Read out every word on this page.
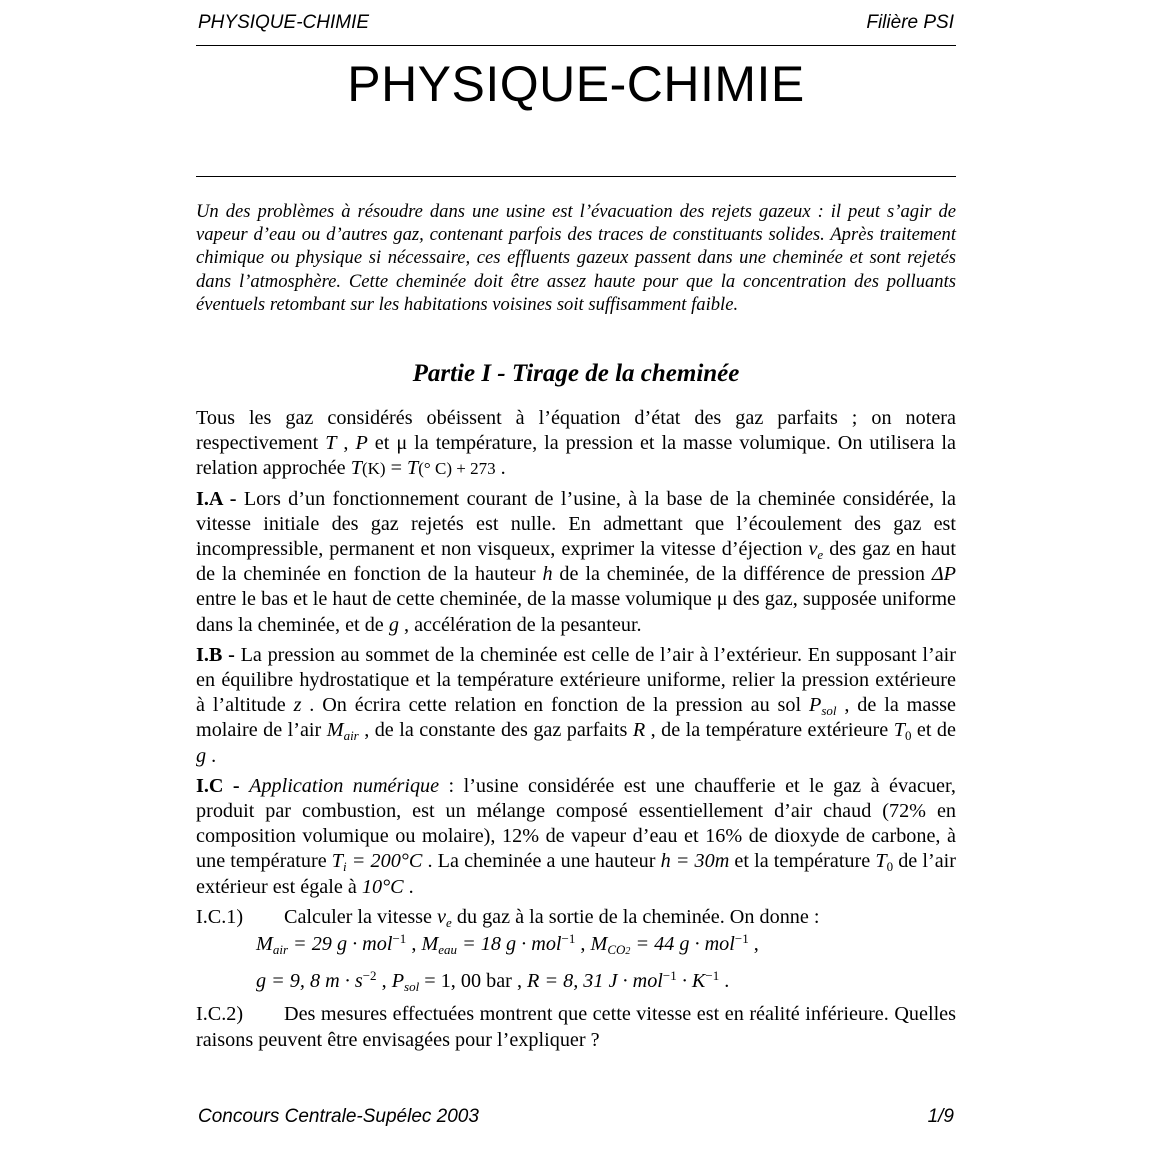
PHYSIQUE-CHIMIE	Filière PSI
PHYSIQUE-CHIMIE
Un des problèmes à résoudre dans une usine est l’évacuation des rejets gazeux : il peut s’agir de vapeur d’eau ou d’autres gaz, contenant parfois des traces de constituants solides. Après traitement chimique ou physique si nécessaire, ces effluents gazeux passent dans une cheminée et sont rejetés dans l’atmosphère. Cette cheminée doit être assez haute pour que la concentration des polluants éventuels retombant sur les habitations voisines soit suffisamment faible.
Partie I - Tirage de la cheminée

Tous les gaz considérés obéissent à l’équation d’état des gaz parfaits ; on notera respectivement T , P et μ la température, la pression et la masse volumique. On utilisera la relation approchée T(K) = T(° C) + 273 .

I.A - Lors d’un fonctionnement courant de l’usine, à la base de la cheminée considérée, la vitesse initiale des gaz rejetés est nulle. En admettant que l’écoulement des gaz est incompressible, permanent et non visqueux, exprimer la vitesse d’éjection $v_e$ des gaz en haut de la cheminée en fonction de la hauteur h de la cheminée, de la différence de pression ΔP entre le bas et le haut de cette cheminée, de la masse volumique μ des gaz, supposée uniforme dans la cheminée, et de g , accélération de la pesanteur.

I.B - La pression au sommet de la cheminée est celle de l’air à l’extérieur. En supposant l’air en équilibre hydrostatique et la température extérieure uniforme, relier la pression extérieure à l’altitude z . On écrira cette relation en fonction de la pression au sol $P_{sol}$ , de la masse molaire de l’air $M_{air}$ , de la constante des gaz parfaits R , de la température extérieure $T_0$ et de g .

I.C - Application numérique : l’usine considérée est une chaufferie et le gaz à évacuer, produit par combustion, est un mélange composé essentiellement d’air chaud (72% en composition volumique ou molaire), 12% de vapeur d’eau et 16% de dioxyde de carbone, à une température $T_i = 200^\circ C$ . La cheminée a une hauteur h = 30m et la température $T_0$ de l’air extérieur est égale à 10°C .

I.C.1) Calculer la vitesse $v_e$ du gaz à la sortie de la cheminée. On donne :

$M_{air} = 29$ g · mol$^{-1}$ , $M_{eau} = 18$ g · mol$^{-1}$ , $M_{CO2} = 44$ g · mol$^{-1}$ ,
g = 9, 8 $m \cdot s^{-2}$ , $P_{sol} = 1$, 00 bar , R = 8, 31 $J \cdot mol^{-1} \cdot K^{-1}$ .

I.C.2) Des mesures effectuées montrent que cette vitesse est en réalité inférieure. Quelles raisons peuvent être envisagées pour l’expliquer ?

Concours Centrale-Supélec 2003	1/9
